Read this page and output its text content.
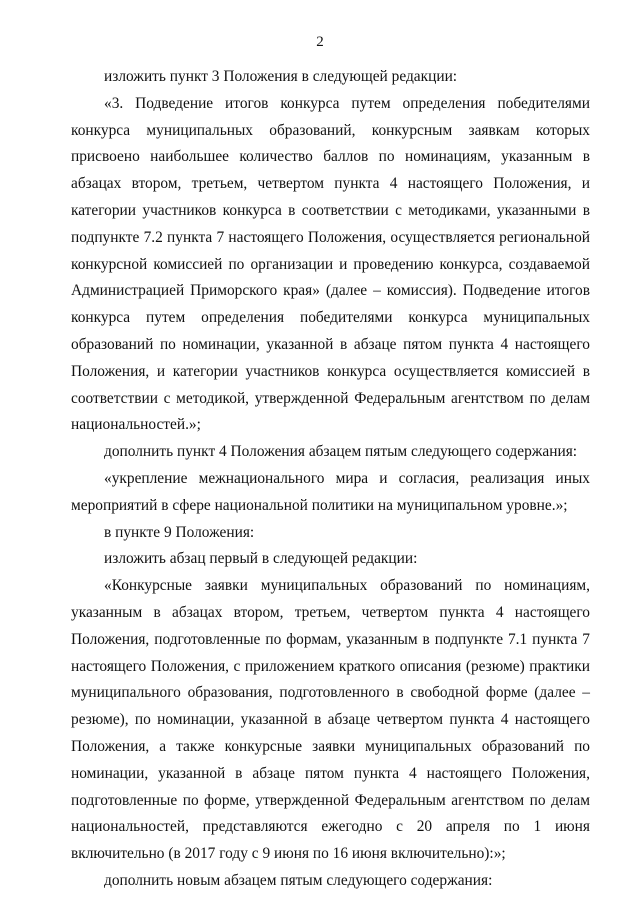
2

изложить пункт 3 Положения в следующей редакции:

«3. Подведение итогов конкурса путем определения победителями конкурса муниципальных образований, конкурсным заявкам которых присвоено наибольшее количество баллов по номинациям, указанным в абзацах втором, третьем, четвертом пункта 4 настоящего Положения, и категории участников конкурса в соответствии с методиками, указанными в подпункте 7.2 пункта 7 настоящего Положения, осуществляется региональной конкурсной комиссией по организации и проведению конкурса, создаваемой Администрацией Приморского края» (далее – комиссия). Подведение итогов конкурса путем определения победителями конкурса муниципальных образований по номинации, указанной в абзаце пятом пункта 4 настоящего Положения, и категории участников конкурса осуществляется комиссией в соответствии с методикой, утвержденной Федеральным агентством по делам национальностей.»;

дополнить пункт 4 Положения абзацем пятым следующего содержания:

«укрепление межнационального мира и согласия, реализация иных мероприятий в сфере национальной политики на муниципальном уровне.»;

в пункте 9 Положения:

изложить абзац первый в следующей редакции:

«Конкурсные заявки муниципальных образований по номинациям, указанным в абзацах втором, третьем, четвертом пункта 4 настоящего Положения, подготовленные по формам, указанным в подпункте 7.1 пункта 7 настоящего Положения, с приложением краткого описания (резюме) практики муниципального образования, подготовленного в свободной форме (далее – резюме), по номинации, указанной в абзаце четвертом пункта 4 настоящего Положения, а также конкурсные заявки муниципальных образований по номинации, указанной в абзаце пятом пункта 4 настоящего Положения, подготовленные по форме, утвержденной Федеральным агентством по делам национальностей, представляются ежегодно с 20 апреля по 1 июня включительно (в 2017 году с 9 июня по 16 июня включительно):»;

дополнить новым абзацем пятым следующего содержания:
